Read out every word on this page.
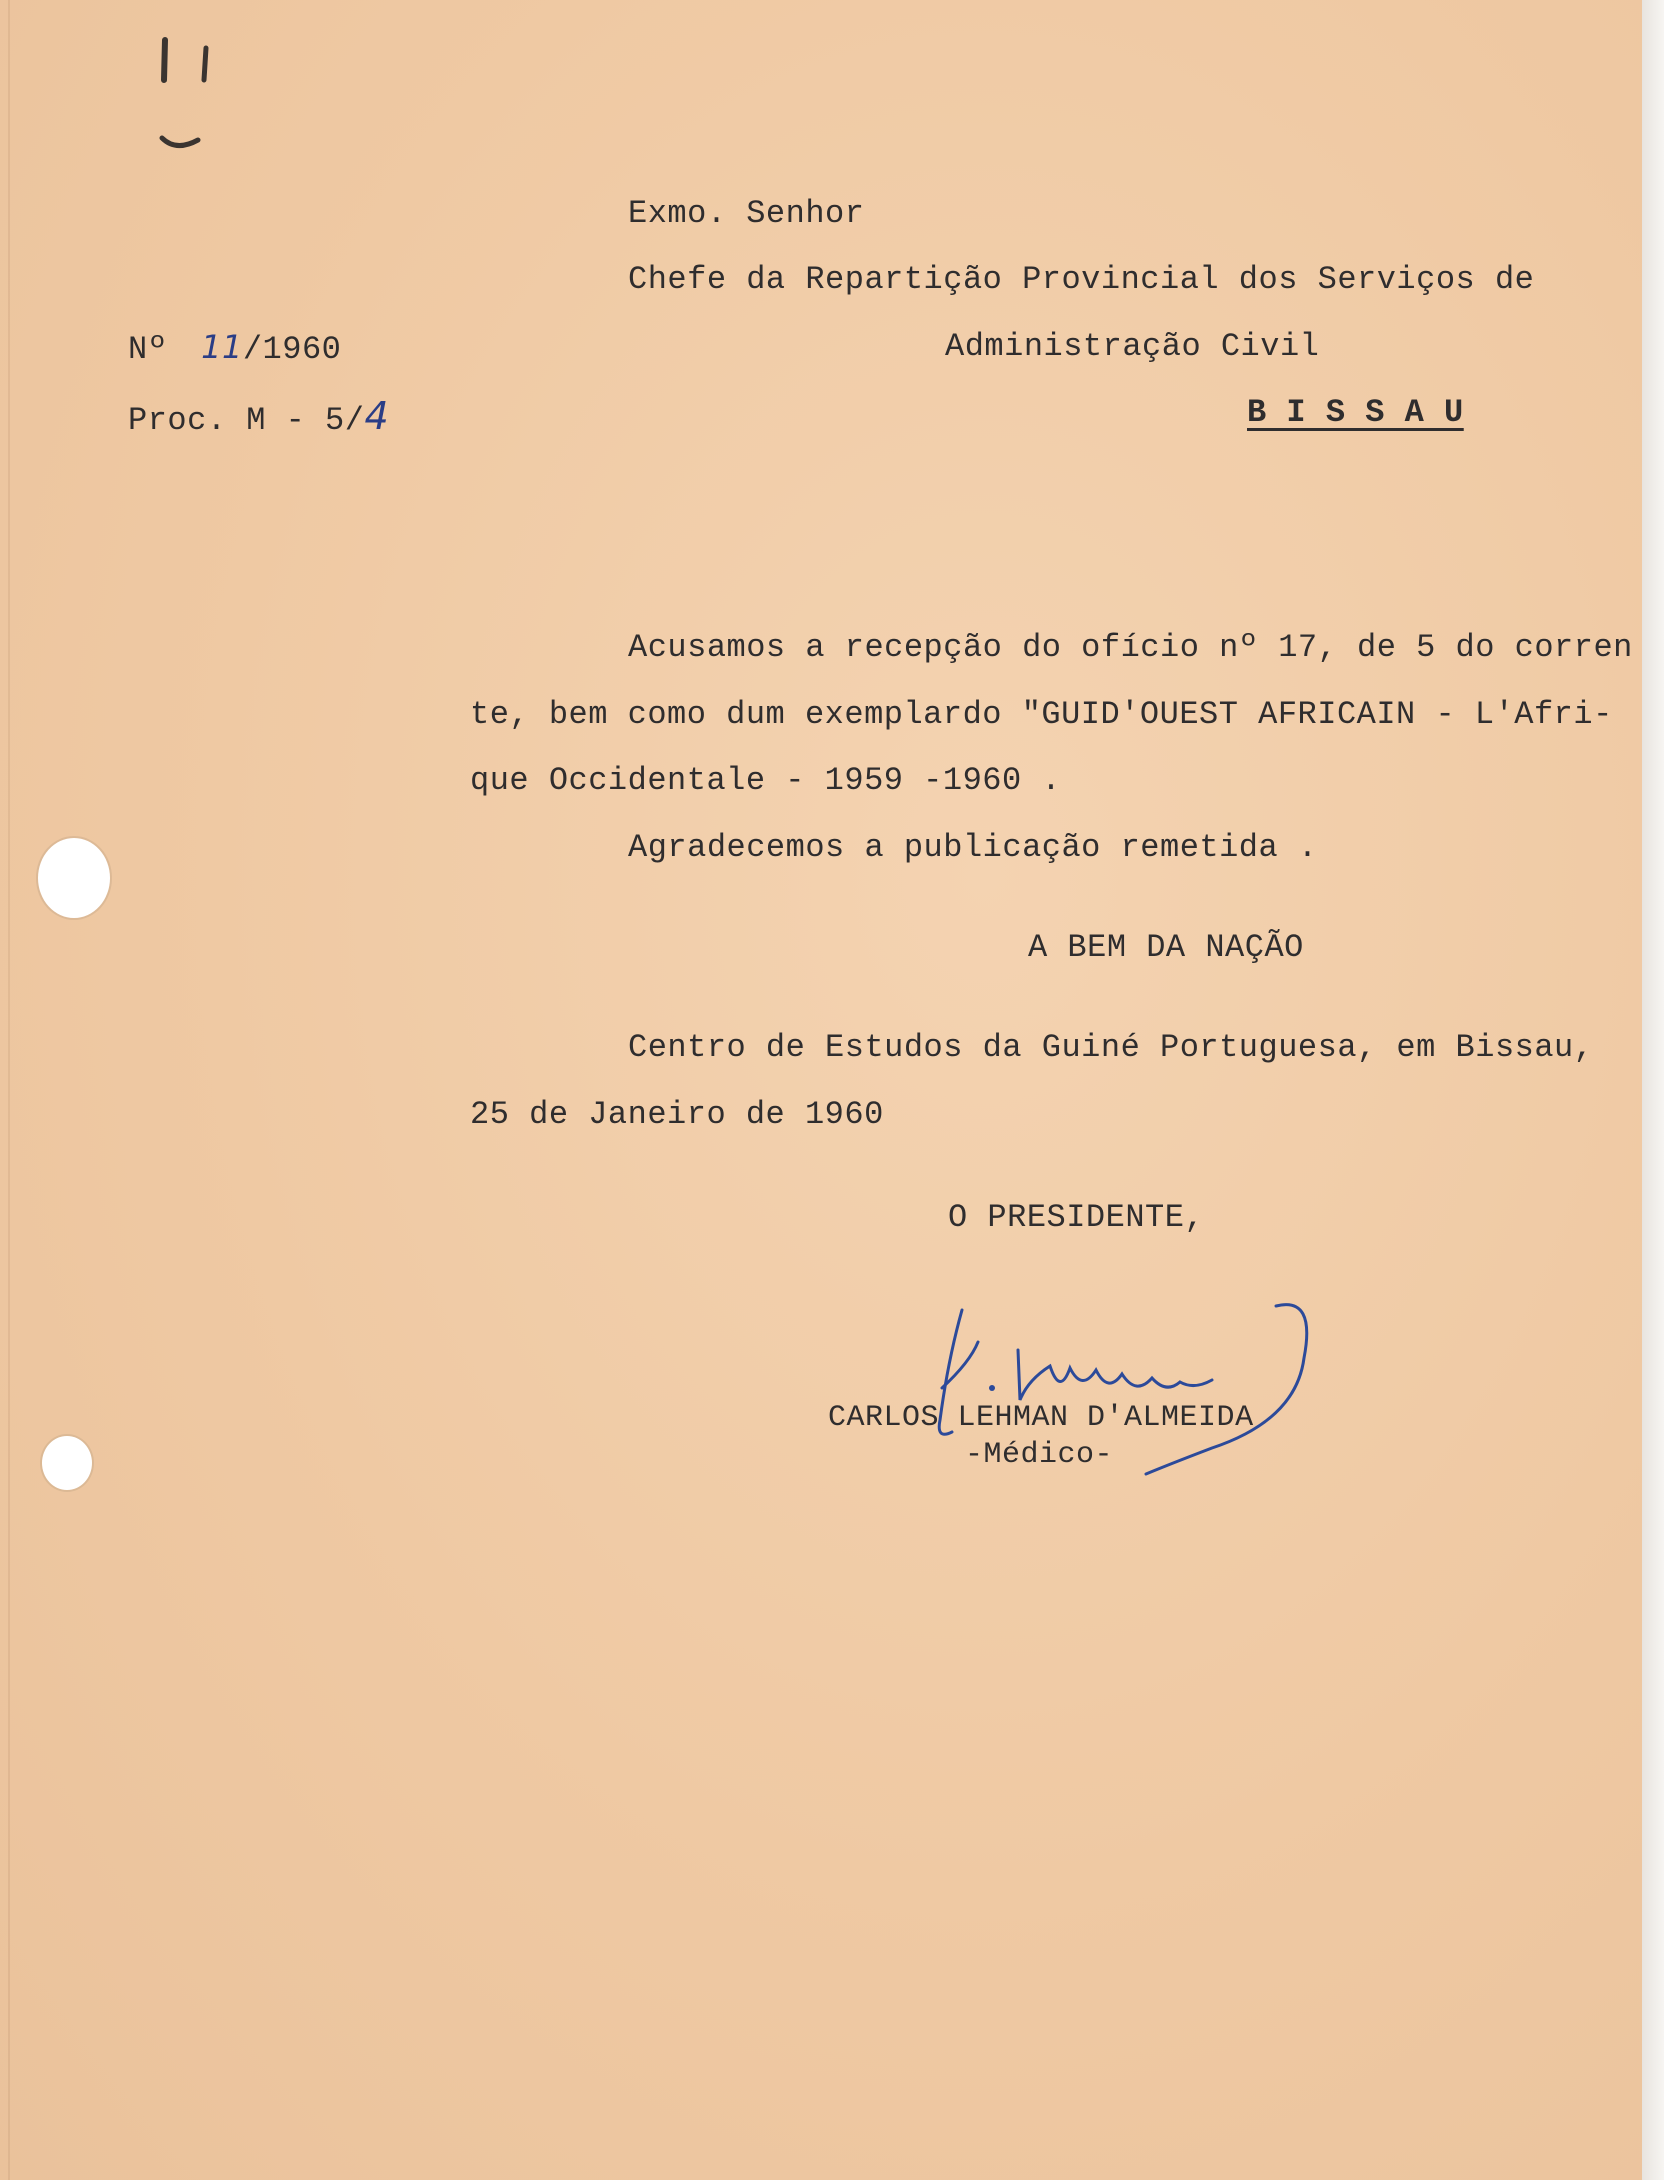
Exmo. Senhor
Chefe da Repartição Provincial dos Serviços de
Administração Civil
B I S S A U
Nº 11/1960
Proc. M - 5/4
Acusamos a recepção do ofício nº 17, de 5 do corren
te, bem como dum exemplardo "GUID'OUEST AFRICAIN - L'Afri-
que Occidentale - 1959 -1960 .
Agradecemos a publicação remetida .
A BEM DA NAÇÃO
Centro de Estudos da Guiné Portuguesa, em Bissau,
25 de Janeiro de 1960
O PRESIDENTE,
CARLOS LEHMAN D'ALMEIDA
-Médico-
